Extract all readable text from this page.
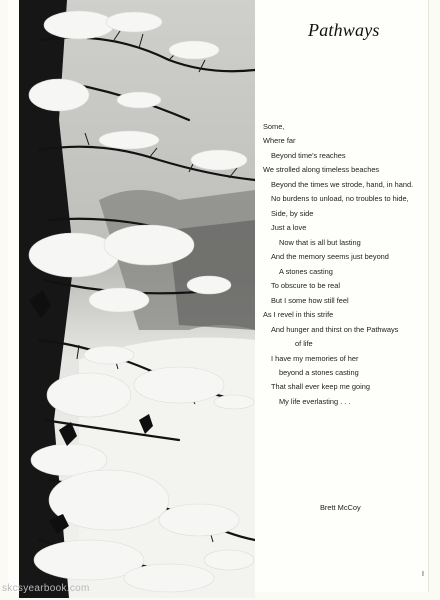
Pathways
Some,
Where far
Beyond time's reaches
We strolled along timeless beaches
Beyond the times we strode, hand, in hand.
No burdens to unload, no troubles to hide,
Side, by side
Just a love
Now that is all but lasting
And the memory seems just beyond
A stones casting
To obscure to be real
But I some how still feel
As I revel in this strife
And hunger and thirst on the Pathways
of life
I have my memories of her
beyond a stones casting
That shall ever keep me going
My life everlasting . . .
Brett McCoy
I
skcsyearbook.com
